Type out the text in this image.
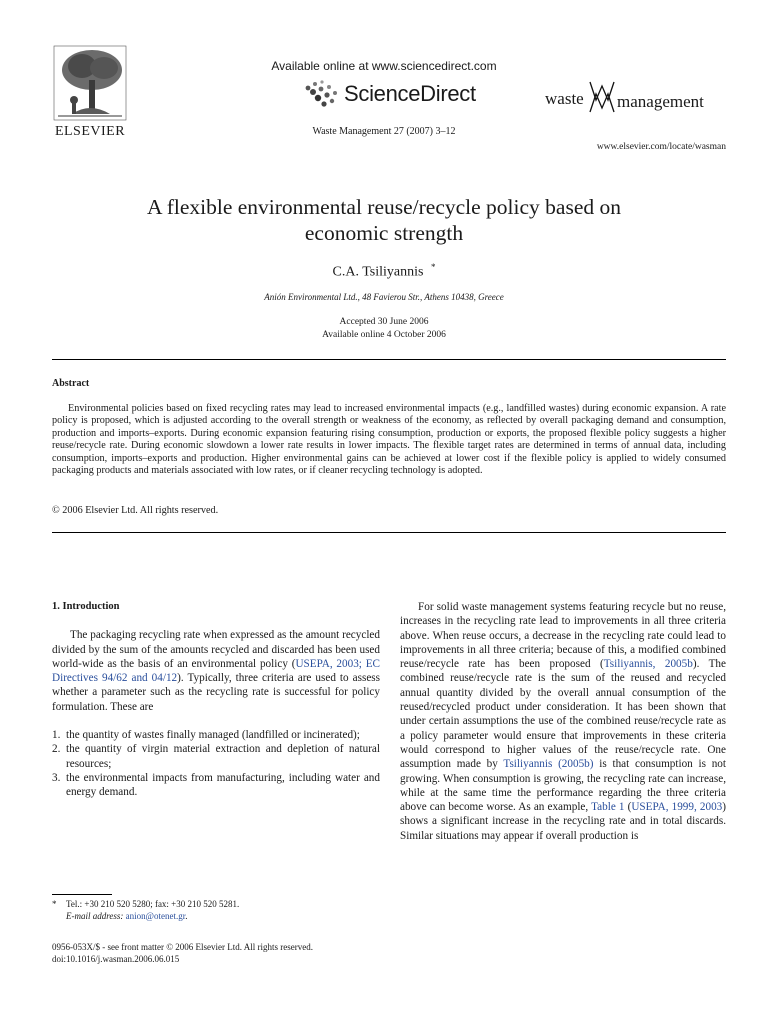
ELSEVIER
Available online at www.sciencedirect.com
ScienceDirect
Waste Management 27 (2007) 3–12
waste management
www.elsevier.com/locate/wasman
A flexible environmental reuse/recycle policy based on
economic strength
C.A. Tsiliyannis *
Anión Environmental Ltd., 48 Favierou Str., Athens 10438, Greece
Accepted 30 June 2006
Available online 4 October 2006
Abstract

Environmental policies based on fixed recycling rates may lead to increased environmental impacts (e.g., landfilled wastes) during economic expansion. A rate policy is proposed, which is adjusted according to the overall strength or weakness of the economy, as reflected by overall packaging demand and consumption, production and imports–exports. During economic expansion featuring rising consumption, production or exports, the proposed flexible policy suggests a higher reuse/recycle rate. During economic slowdown a lower rate results in lower impacts. The flexible target rates are determined in terms of annual data, including consumption, imports–exports and production. Higher environmental gains can be achieved at lower cost if the flexible policy is applied to widely consumed packaging products and materials associated with low rates, or if cleaner recycling technology is adopted.

© 2006 Elsevier Ltd. All rights reserved.
1. Introduction

The packaging recycling rate when expressed as the amount recycled divided by the sum of the amounts recycled and discarded has been used world-wide as the basis of an environmental policy (USEPA, 2003; EC Directives 94/62 and 04/12). Typically, three criteria are used to assess whether a parameter such as the recycling rate is successful for policy formulation. These are

1. the quantity of wastes finally managed (landfilled or incinerated);
2. the quantity of virgin material extraction and depletion of natural resources;
3. the environmental impacts from manufacturing, including water and energy demand.

For solid waste management systems featuring recycle but no reuse, increases in the recycling rate lead to improvements in all three criteria above. When reuse occurs, a decrease in the recycling rate could lead to improvements in all three criteria; because of this, a modified combined reuse/recycle rate has been proposed (Tsiliyannis, 2005b). The combined reuse/recycle rate is the sum of the reused and recycled annual quantity divided by the overall annual consumption of the reused/recycled product under consideration. It has been shown that under certain assumptions the use of the combined reuse/recycle rate as a policy parameter would ensure that improvements in these criteria would correspond to higher values of the reuse/recycle rate. One assumption made by Tsiliyannis (2005b) is that consumption is not growing. When consumption is growing, the recycling rate can increase, while at the same time the performance regarding the three criteria above can become worse. As an example, Table 1 (USEPA, 1999, 2003) shows a significant increase in the recycling rate and in total discards. Similar situations may appear if overall production is

* Tel.: +30 210 520 5280; fax: +30 210 520 5281.
E-mail address: anion@otenet.gr.
0956-053X/$ - see front matter © 2006 Elsevier Ltd. All rights reserved.
doi:10.1016/j.wasman.2006.06.015
